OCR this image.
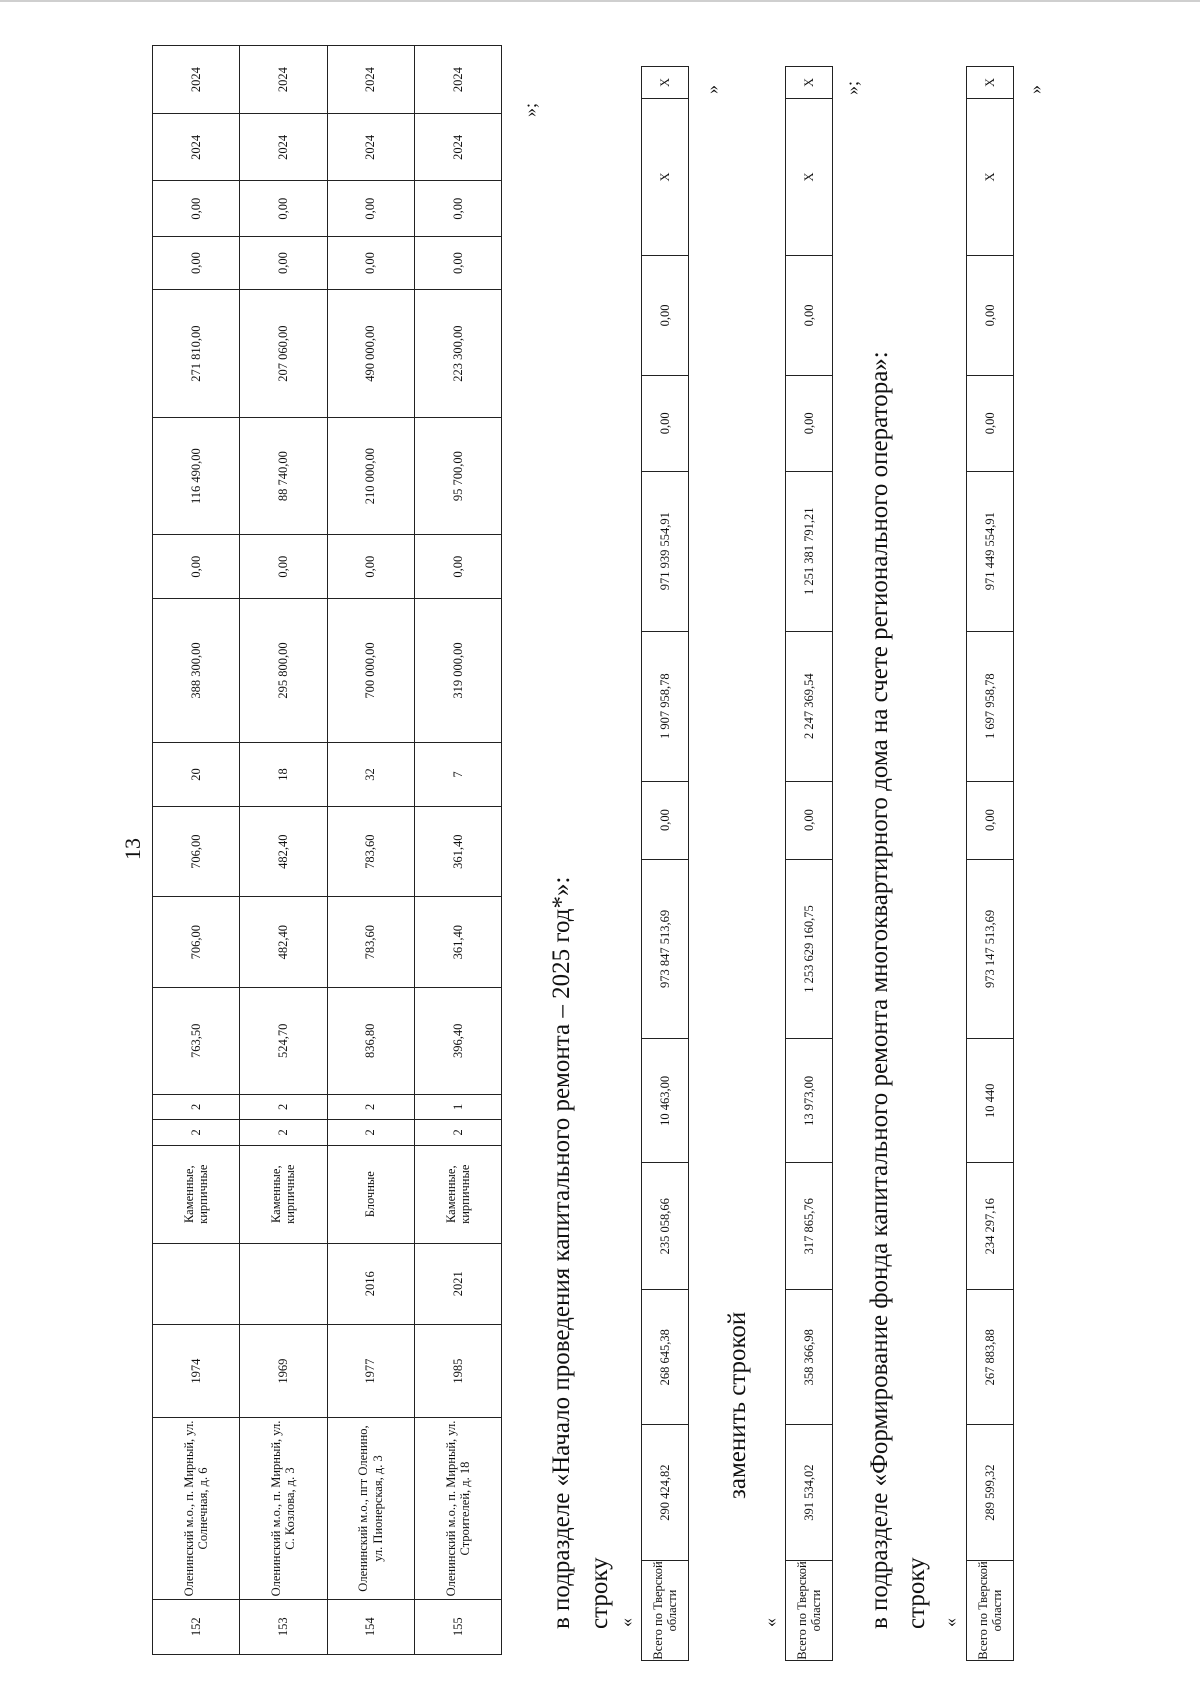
13
152	Оленинский м.о., п. Мирный, ул. Солнечная, д. 6	1974		Каменные, кирпичные	2	2	763,50	706,00	706,00	20	388 300,00	0,00	116 490,00	271 810,00	0,00	0,00	2024	2024
153	Оленинский м.о., п. Мирный, ул. С. Козлова, д. 3	1969		Каменные, кирпичные	2	2	524,70	482,40	482,40	18	295 800,00	0,00	88 740,00	207 060,00	0,00	0,00	2024	2024
154	Оленинский м.о., пгт Оленино, ул. Пионерская, д. 3	1977	2016	Блочные	2	2	836,80	783,60	783,60	32	700 000,00	0,00	210 000,00	490 000,00	0,00	0,00	2024	2024
155	Оленинский м.о., п. Мирный, ул. Строителей, д. 18	1985	2021	Каменные, кирпичные	2	1	396,40	361,40	361,40	7	319 000,00	0,00	95 700,00	223 300,00	0,00	0,00	2024	2024
»;
в подразделе «Начало проведения капитального ремонта – 2025 год*»: строку « Всего по Тверской области	290 424,82	268 645,38	235 058,66	10 463,00	973 847 513,69	0,00	1 907 958,78	971 939 554,91	0,00	0,00	X	X
»
заменить строкой
« Всего по Тверской области	391 534,02	358 366,98	317 865,76	13 973,00	1 253 629 160,75	0,00	2 247 369,54	1 251 381 791,21	0,00	0,00	X	X »;
в подразделе «Формирование фонда капитального ремонта многоквартирного дома на счете регионального оператора»: строку « Всего по Тверской области	289 599,32	267 883,88	234 297,16	10 440	973 147 513,69	0,00	1 697 958,78	971 449 554,91	0,00	0,00	X	X
»
